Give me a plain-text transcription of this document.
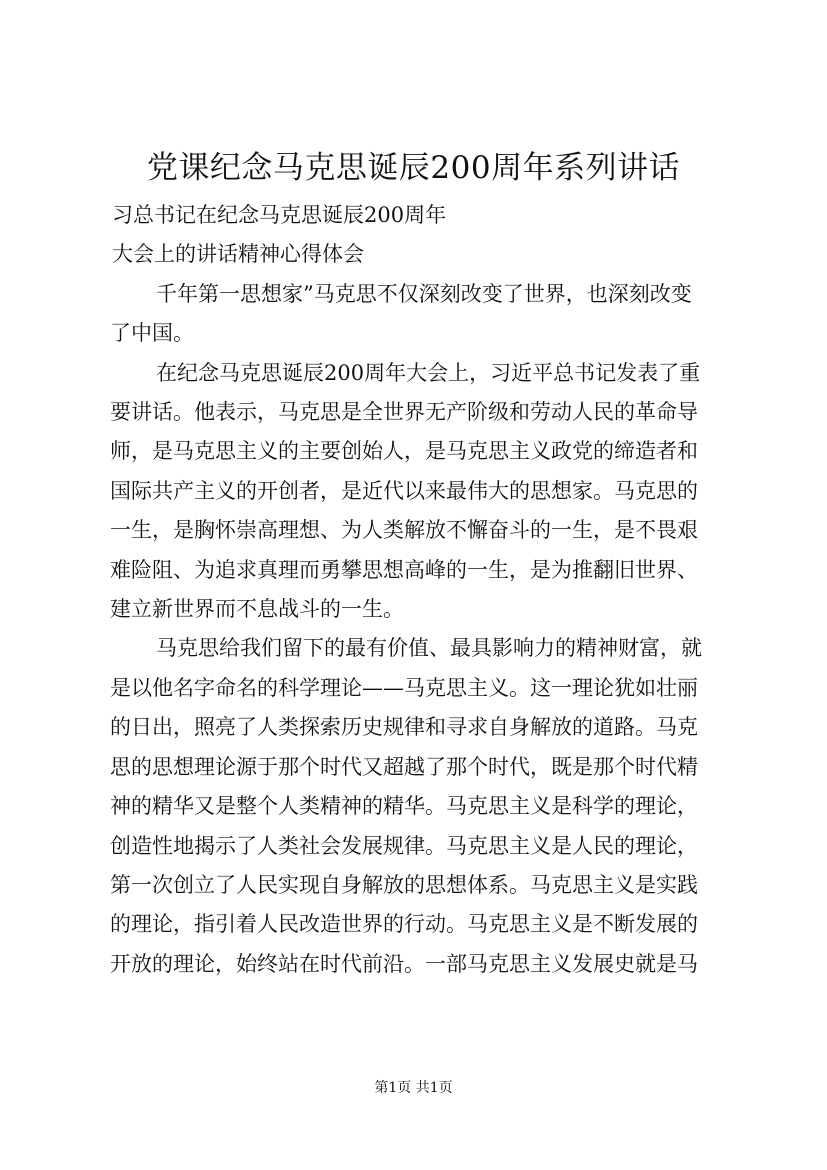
党课纪念马克思诞辰200周年系列讲话

习总书记在纪念马克思诞辰200周年

大会上的讲话精神心得体会

千年第一思想家”马克思不仅深刻改变了世界，也深刻改变

了中国。

在纪念马克思诞辰200周年大会上，习近平总书记发表了重

要讲话。他表示，马克思是全世界无产阶级和劳动人民的革命导

师，是马克思主义的主要创始人，是马克思主义政党的缔造者和

国际共产主义的开创者，是近代以来最伟大的思想家。马克思的

一生，是胸怀崇高理想、为人类解放不懈奋斗的一生，是不畏艰

难险阻、为追求真理而勇攀思想高峰的一生，是为推翻旧世界、

建立新世界而不息战斗的一生。

马克思给我们留下的最有价值、最具影响力的精神财富，就

是以他名字命名的科学理论——马克思主义。这一理论犹如壮丽

的日出，照亮了人类探索历史规律和寻求自身解放的道路。马克

思的思想理论源于那个时代又超越了那个时代，既是那个时代精

神的精华又是整个人类精神的精华。马克思主义是科学的理论，

创造性地揭示了人类社会发展规律。马克思主义是人民的理论，

第一次创立了人民实现自身解放的思想体系。马克思主义是实践

的理论，指引着人民改造世界的行动。马克思主义是不断发展的

开放的理论，始终站在时代前沿。一部马克思主义发展史就是马

第1页 共1页
